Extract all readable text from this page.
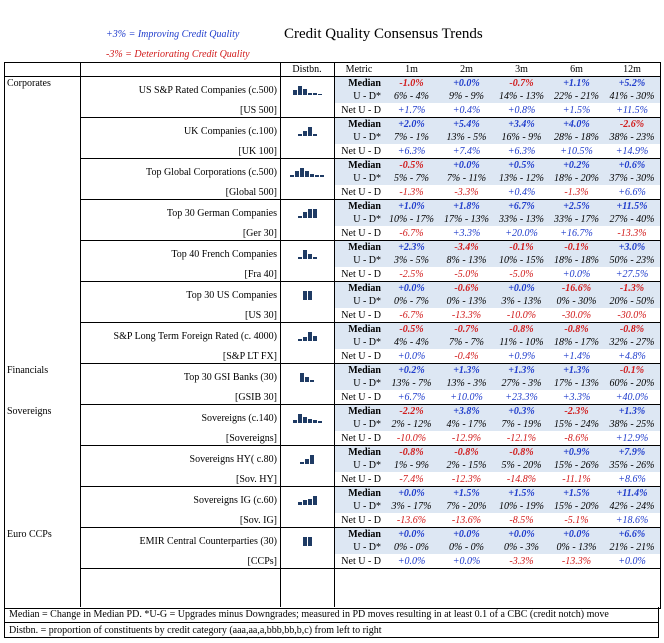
+3% = Improving Credit Quality
-3% = Deteriorating Credit Quality
Credit Quality Consensus Trends
		Distbn.	Metric	1m	2m	3m	6m	12m
Corporates	US S&P Rated Companies (c.500)		Median	-1.0%	+0.0%	-0.7%	+1.1%	+5.2%
			U - D*	6% - 4%	9% - 9%	14% - 13%	22% - 21%	41% - 30%
	[US 500]		Net U - D	+1.7%	+0.4%	+0.8%	+1.5%	+11.5%
	UK Companies (c.100)		Median	+2.0%	+5.4%	+3.4%	+4.0%	-2.6%
			U - D*	7% - 1%	13% - 5%	16% - 9%	28% - 18%	38% - 23%
	[UK 100]		Net U - D	+6.3%	+7.4%	+6.3%	+10.5%	+14.9%
	Top Global Corporations (c.500)		Median	-0.5%	+0.0%	+0.5%	+0.2%	+0.6%
			U - D*	5% - 7%	7% - 11%	13% - 12%	18% - 20%	37% - 30%
	[Global 500]		Net U - D	-1.3%	-3.3%	+0.4%	-1.3%	+6.6%
	Top 30 German Companies		Median	+1.0%	+1.8%	+6.7%	+2.5%	+11.5%
			U - D*	10% - 17%	17% - 13%	33% - 13%	33% - 17%	27% - 40%
	[Ger 30]		Net U - D	-6.7%	+3.3%	+20.0%	+16.7%	-13.3%
	Top 40 French Companies		Median	+2.3%	-3.4%	-0.1%	-0.1%	+3.0%
			U - D*	3% - 5%	8% - 13%	10% - 15%	18% - 18%	50% - 23%
	[Fra 40]		Net U - D	-2.5%	-5.0%	-5.0%	+0.0%	+27.5%
	Top 30 US Companies		Median	+0.0%	-0.6%	+0.0%	-16.6%	-1.3%
			U - D*	0% - 7%	0% - 13%	3% - 13%	0% - 30%	20% - 50%
	[US 30]		Net U - D	-6.7%	-13.3%	-10.0%	-30.0%	-30.0%
	S&P Long Term Foreign Rated (c. 4000)		Median	-0.5%	-0.7%	-0.8%	-0.8%	-0.8%
			U - D*	4% - 4%	7% - 7%	11% - 10%	18% - 17%	32% - 27%
	[S&P LT FX]		Net U - D	+0.0%	-0.4%	+0.9%	+1.4%	+4.8%
Financials	Top 30 GSI Banks (30)		Median	+0.2%	+1.3%	+1.3%	+1.3%	-0.1%
			U - D*	13% - 7%	13% - 3%	27% - 3%	17% - 13%	60% - 20%
	[GSIB 30]		Net U - D	+6.7%	+10.0%	+23.3%	+3.3%	+40.0%
Sovereigns	Sovereigns (c.140)		Median	-2.2%	+3.8%	+0.3%	-2.3%	+1.3%
			U - D*	2% - 12%	4% - 17%	7% - 19%	15% - 24%	38% - 25%
	[Sovereigns]		Net U - D	-10.0%	-12.9%	-12.1%	-8.6%	+12.9%
	Sovereigns HY( c.80)		Median	-0.8%	-0.8%	-0.8%	+0.9%	+7.9%
			U - D*	1% - 9%	2% - 15%	5% - 20%	15% - 26%	35% - 26%
	[Sov. HY]		Net U - D	-7.4%	-12.3%	-14.8%	-11.1%	+8.6%
	Sovereigns IG (c.60)		Median	+0.0%	+1.5%	+1.5%	+1.5%	+11.4%
			U - D*	3% - 17%	7% - 20%	10% - 19%	15% - 20%	42% - 24%
	[Sov. IG]		Net U - D	-13.6%	-13.6%	-8.5%	-5.1%	+18.6%
Euro CCPs	EMIR Central Counterparties (30)		Median	+0.0%	+0.0%	+0.0%	+0.0%	+6.6%
			U - D*	0% - 0%	0% - 0%	0% - 3%	0% - 13%	21% - 21%
	[CCPs]		Net U - D	+0.0%	+0.0%	-3.3%	-13.3%	+0.0%
Median = Change in Median PD. *U-G = Upgrades minus Downgrades; measured in PD moves resulting in at least 0.1 of a CBC (credit notch) move
Distbn. = proportion of constituents by credit category (aaa,aa,a,bbb,bb,b,c) from left to right
